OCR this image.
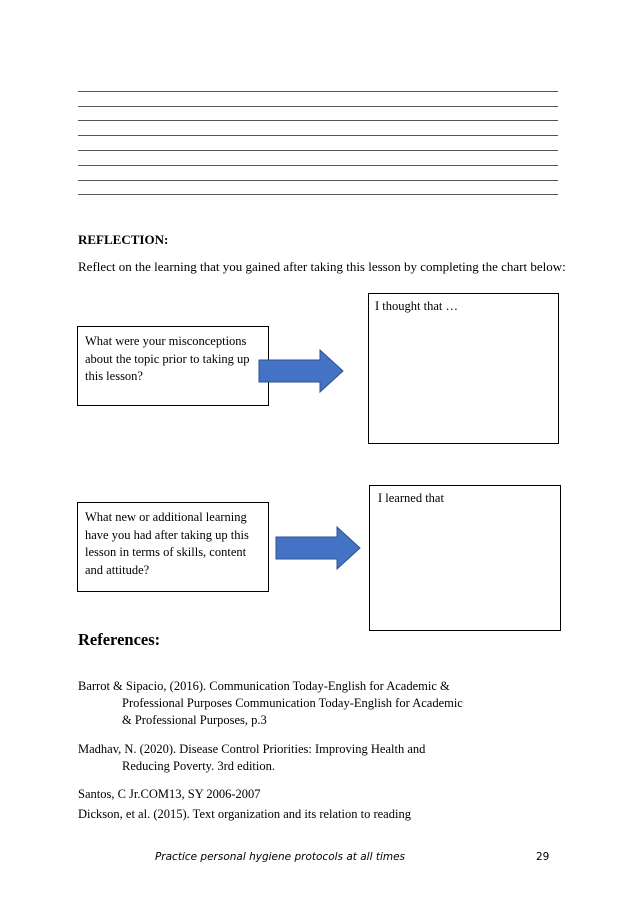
REFLECTION:
Reflect on the learning that you gained after taking this lesson by completing the chart below:
What were your misconceptions about the topic prior to taking up this lesson?
I thought that …
What new or additional learning have you had after taking up this lesson in terms of skills, content and attitude?
I learned that
References:
Barrot & Sipacio, (2016). Communication Today-English for Academic &
Professional Purposes Communication Today-English for Academic
& Professional Purposes, p.3
Madhav, N. (2020). Disease Control Priorities: Improving Health and
Reducing Poverty. 3rd edition.
Santos, C Jr.COM13, SY 2006-2007
Dickson, et al. (2015). Text organization and its relation to reading
Practice personal hygiene protocols at all times	29
